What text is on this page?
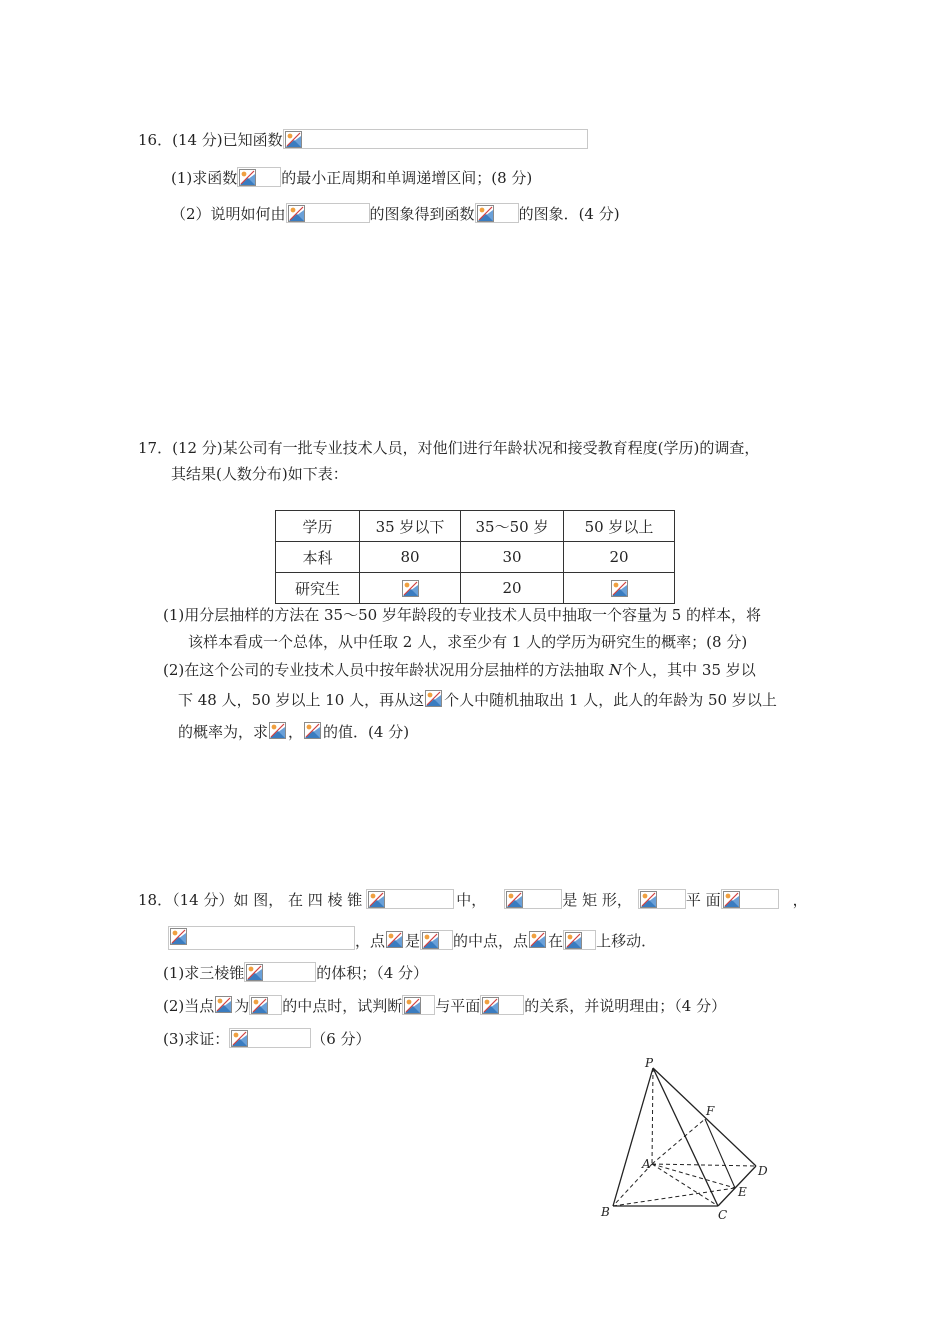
16．(14 分)已知函数
(1)求函数	的最小正周期和单调递增区间；(8 分)
（2）说明如何由	的图象得到函数	的图象．(4 分)
17．(12 分)某公司有一批专业技术人员，对他们进行年龄状况和接受教育程度(学历)的调查，
其结果(人数分布)如下表：
学历	35 岁以下	35～50 岁	50 岁以上
本科	80	30	20
研究生		20	
(1)用分层抽样的方法在 35～50 岁年龄段的专业技术人员中抽取一个容量为 5 的样本，将
该样本看成一个总体，从中任取 2 人，求至少有 1 人的学历为研究生的概率；(8 分)
(2)在这个公司的专业技术人员中按年龄状况用分层抽样的方法抽取 N个人，其中 35 岁以
下 48 人，50 岁以上 10 人，再从这 个人中随机抽取出 1 人，此人的年龄为 50 岁以上
的概率为，求 ， 的值．(4 分)
18．（14 分）如 图， 在 四 棱 锥	中，	是 矩 形，	平 面	，
，点 是 的中点，点 在 上移动．
(1)求三棱锥	的体积；（4 分）
(2)当点 为 的中点时，试判断 与平面	的关系，并说明理由；（4 分）
(3)求证：	（6 分）
P
F
A	D
E
B	C
